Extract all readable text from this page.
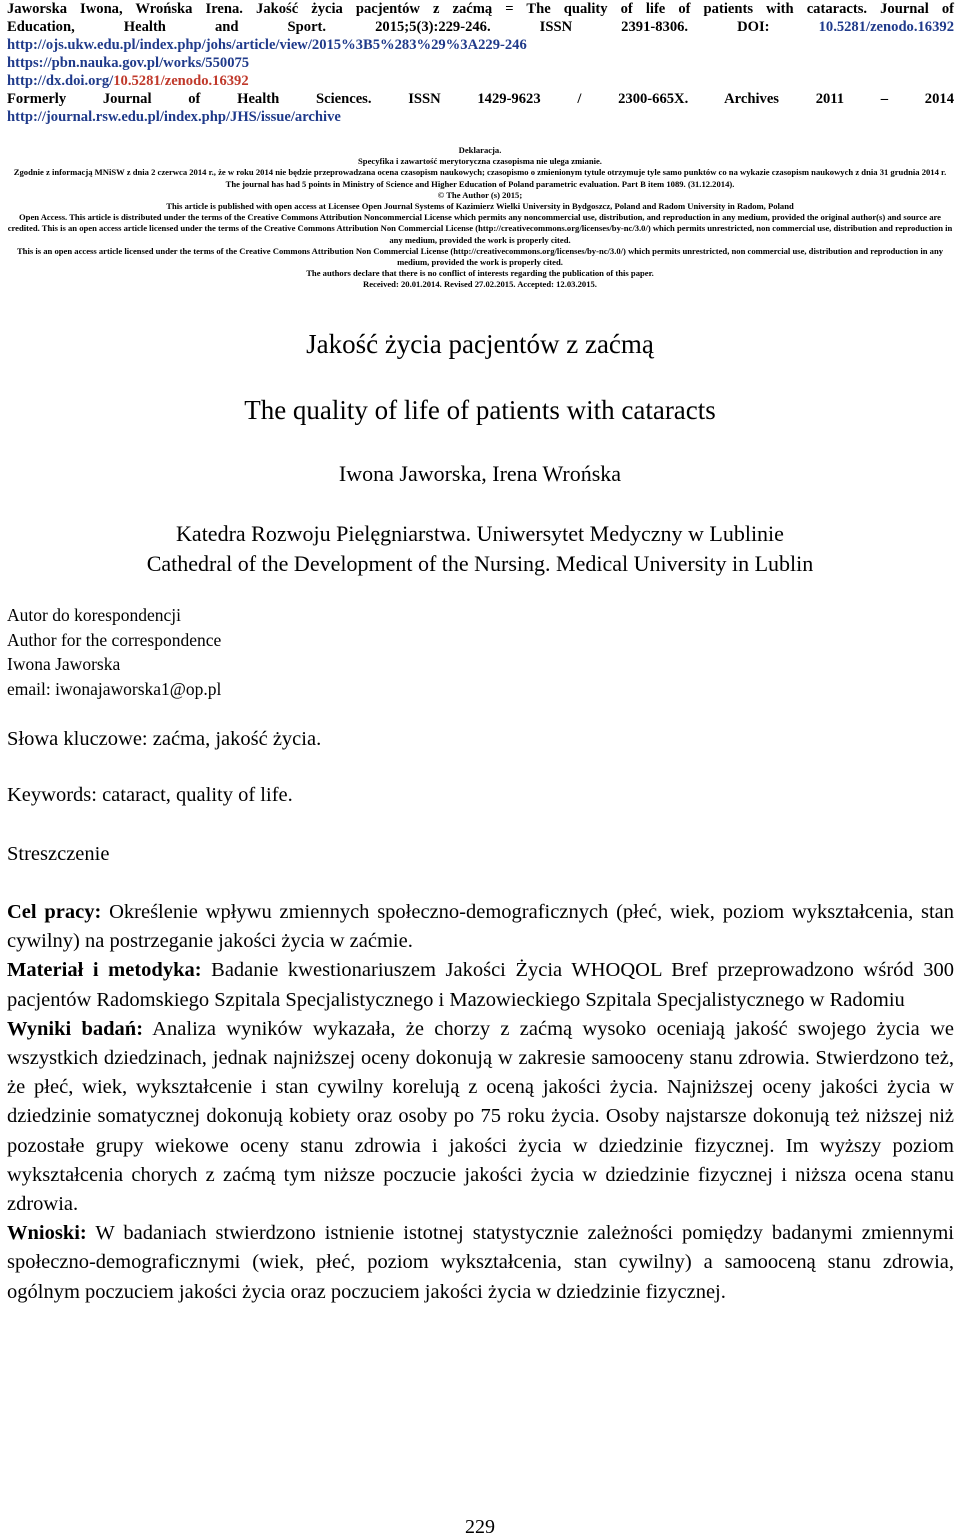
Jaworska Iwona, Wrońska Irena. Jakość życia pacjentów z zaćmą = The quality of life of patients with cataracts. Journal of
Education, Health and Sport. 2015;5(3):229-246. ISSN 2391-8306. DOI: 10.5281/zenodo.16392
http://ojs.ukw.edu.pl/index.php/johs/article/view/2015%3B5%283%29%3A229-246
https://pbn.nauka.gov.pl/works/550075
http://dx.doi.org/10.5281/zenodo.16392
Formerly Journal of Health Sciences. ISSN 1429-9623 / 2300-665X. Archives 2011 – 2014
http://journal.rsw.edu.pl/index.php/JHS/issue/archive
Deklaracja.
Specyfika i zawartość merytoryczna czasopisma nie ulega zmianie.
Zgodnie z informacją MNiSW z dnia 2 czerwca 2014 r., że w roku 2014 nie będzie przeprowadzana ocena czasopism naukowych; czasopismo o zmienionym tytule otrzymuje tyle samo punktów co na wykazie czasopism naukowych z dnia 31 grudnia 2014 r.
The journal has had 5 points in Ministry of Science and Higher Education of Poland parametric evaluation. Part B item 1089. (31.12.2014).
© The Author (s) 2015;
This article is published with open access at Licensee Open Journal Systems of Kazimierz Wielki University in Bydgoszcz, Poland and Radom University in Radom, Poland
Open Access. This article is distributed under the terms of the Creative Commons Attribution Noncommercial License which permits any noncommercial use, distribution, and reproduction in any medium, provided the original author(s) and source are credited. This is an open access article licensed under the terms of the Creative Commons Attribution Non Commercial License (http://creativecommons.org/licenses/by-nc/3.0/) which permits unrestricted, non commercial use, distribution and reproduction in any medium, provided the work is properly cited.
This is an open access article licensed under the terms of the Creative Commons Attribution Non Commercial License (http://creativecommons.org/licenses/by-nc/3.0/) which permits unrestricted, non commercial use, distribution and reproduction in any medium, provided the work is properly cited.
The authors declare that there is no conflict of interests regarding the publication of this paper.
Received: 20.01.2014. Revised 27.02.2015. Accepted: 12.03.2015.
Jakość życia pacjentów z zaćmą
The quality of life of patients with cataracts
Iwona Jaworska, Irena Wrońska
Katedra Rozwoju Pielęgniarstwa. Uniwersytet Medyczny w Lublinie
Cathedral of the Development of the Nursing. Medical University in Lublin
Autor do korespondencji
Author for the correspondence
Iwona Jaworska
email: iwonajaworska1@op.pl
Słowa kluczowe: zaćma, jakość życia.
Keywords: cataract, quality of life.
Streszczenie

Cel pracy: Określenie wpływu zmiennych społeczno-demograficznych (płeć, wiek, poziom wykształcenia, stan cywilny) na postrzeganie jakości życia w zaćmie.

Materiał i metodyka: Badanie kwestionariuszem Jakości Życia WHOQOL Bref przeprowadzono wśród 300 pacjentów Radomskiego Szpitala Specjalistycznego i Mazowieckiego Szpitala Specjalistycznego w Radomiu

Wyniki badań: Analiza wyników wykazała, że chorzy z zaćmą wysoko oceniają jakość swojego życia we wszystkich dziedzinach, jednak najniższej oceny dokonują w zakresie samooceny stanu zdrowia. Stwierdzono też, że płeć, wiek, wykształcenie i stan cywilny korelują z oceną jakości życia. Najniższej oceny jakości życia w dziedzinie somatycznej dokonują kobiety oraz osoby po 75 roku życia. Osoby najstarsze dokonują też niższej niż pozostałe grupy wiekowe oceny stanu zdrowia i jakości życia w dziedzinie fizycznej. Im wyższy poziom wykształcenia chorych z zaćmą tym niższe poczucie jakości życia w dziedzinie fizycznej i niższa ocena stanu zdrowia.

Wnioski: W badaniach stwierdzono istnienie istotnej statystycznie zależności pomiędzy badanymi zmiennymi społeczno-demograficznymi (wiek, płeć, poziom wykształcenia, stan cywilny) a samooceną stanu zdrowia, ogólnym poczuciem jakości życia oraz poczuciem jakości życia w dziedzinie fizycznej.

229
